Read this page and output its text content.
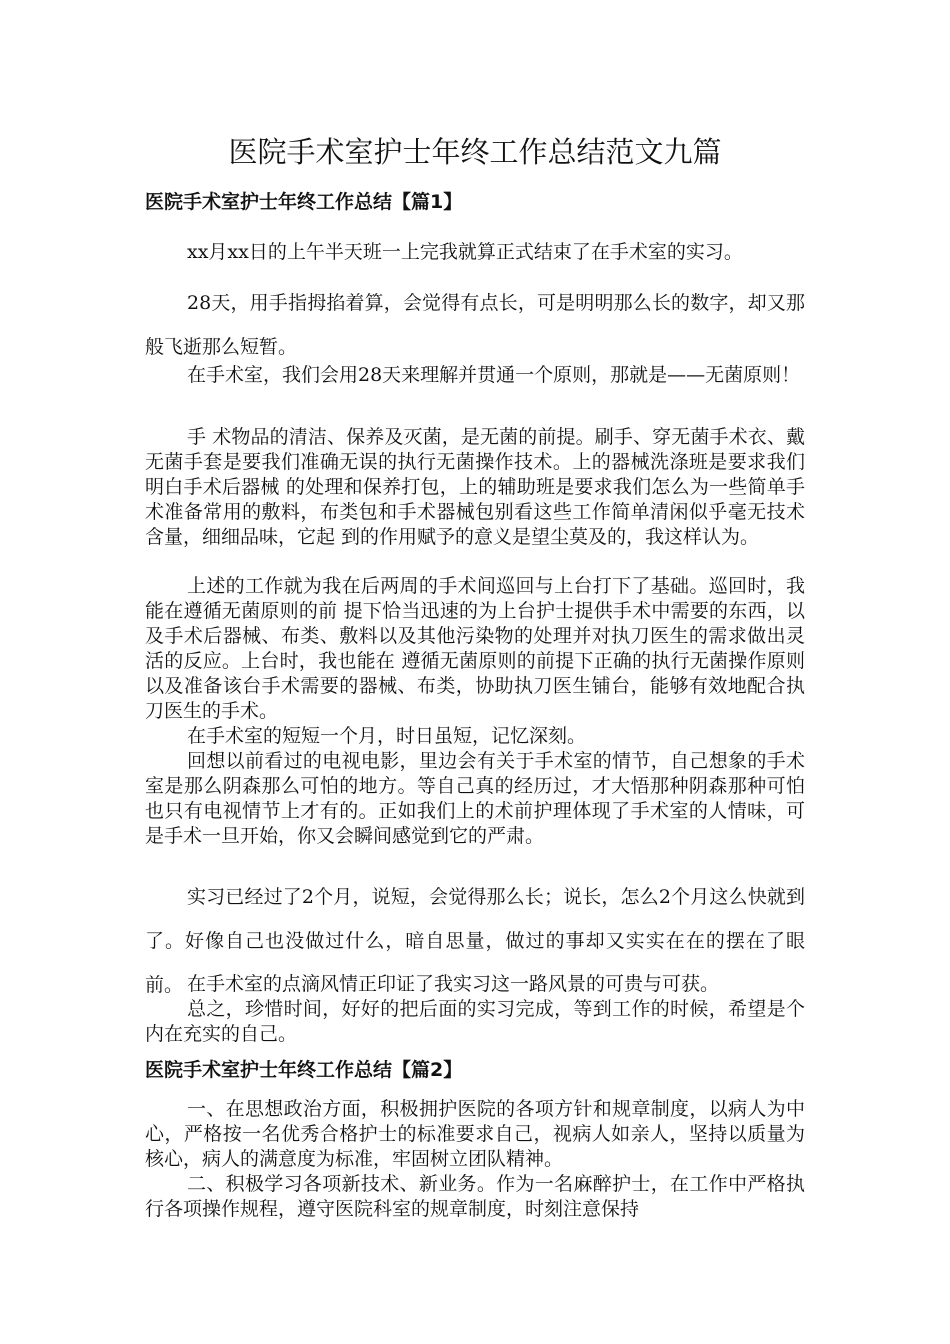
医院手术室护士年终工作总结范文九篇
医院手术室护士年终工作总结【篇1】

xx月xx日的上午半天班一上完我就算正式结束了在手术室的实习。

28天，用手指拇掐着算，会觉得有点长，可是明明那么长的数字，却又那般飞逝那么短暂。

在手术室，我们会用28天来理解并贯通一个原则，那就是——无菌原则！

手 术物品的清洁、保养及灭菌，是无菌的前提。刷手、穿无菌手术衣、戴无菌手套是要我们准确无误的执行无菌操作技术。上的器械洗涤班是要求我们明白手术后器械 的处理和保养打包，上的辅助班是要求我们怎么为一些简单手术准备常用的敷料，布类包和手术器械包别看这些工作简单清闲似乎毫无技术含量，细细品味，它起 到的作用赋予的意义是望尘莫及的，我这样认为。

上述的工作就为我在后两周的手术间巡回与上台打下了基础。巡回时，我能在遵循无菌原则的前 提下恰当迅速的为上台护士提供手术中需要的东西，以及手术后器械、布类、敷料以及其他污染物的处理并对执刀医生的需求做出灵活的反应。上台时，我也能在 遵循无菌原则的前提下正确的执行无菌操作原则以及准备该台手术需要的器械、布类，协助执刀医生铺台，能够有效地配合执刀医生的手术。

在手术室的短短一个月，时日虽短，记忆深刻。

回想以前看过的电视电影，里边会有关于手术室的情节，自己想象的手术室是那么阴森那么可怕的地方。等自己真的经历过，才大悟那种阴森那种可怕也只有电视情节上才有的。正如我们上的术前护理体现了手术室的人情味，可是手术一旦开始，你又会瞬间感觉到它的严肃。

实习已经过了2个月，说短，会觉得那么长；说长，怎么2个月这么快就到了。好像自己也没做过什么，暗自思量，做过的事却又实实在在的摆在了眼前。 在手术室的点滴风情正印证了我实习这一路风景的可贵与可获。

总之，珍惜时间，好好的把后面的实习完成，等到工作的时候，希望是个内在充实的自己。

医院手术室护士年终工作总结【篇2】

一、在思想政治方面，积极拥护医院的各项方针和规章制度，以病人为中心，严格按一名优秀合格护士的标准要求自己，视病人如亲人，坚持以质量为核心，病人的满意度为标准，牢固树立团队精神。

二、积极学习各项新技术、新业务。作为一名麻醉护士，在工作中严格执行各项操作规程，遵守医院科室的规章制度，时刻注意保持
